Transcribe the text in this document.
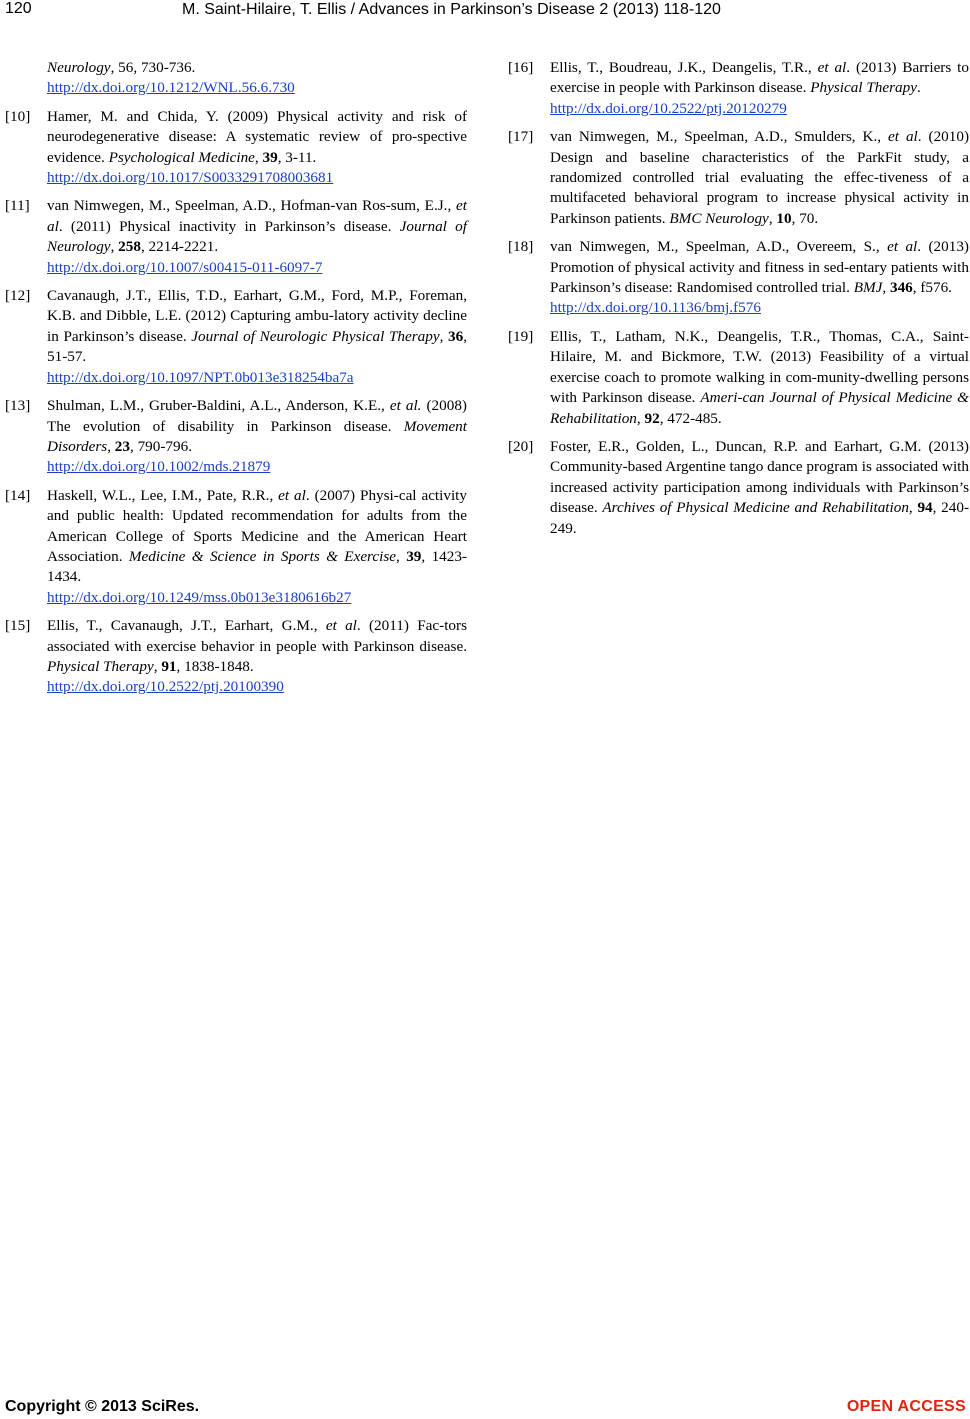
120	M. Saint-Hilaire, T. Ellis / Advances in Parkinson’s Disease 2 (2013) 118-120
Neurology, 56, 730-736.
http://dx.doi.org/10.1212/WNL.56.6.730
[10] Hamer, M. and Chida, Y. (2009) Physical activity and risk of neurodegenerative disease: A systematic review of pro-spective evidence. Psychological Medicine, 39, 3-11.
http://dx.doi.org/10.1017/S0033291708003681
[11] van Nimwegen, M., Speelman, A.D., Hofman-van Ros-sum, E.J., et al. (2011) Physical inactivity in Parkinson’s disease. Journal of Neurology, 258, 2214-2221.
http://dx.doi.org/10.1007/s00415-011-6097-7
[12] Cavanaugh, J.T., Ellis, T.D., Earhart, G.M., Ford, M.P., Foreman, K.B. and Dibble, L.E. (2012) Capturing ambu-latory activity decline in Parkinson’s disease. Journal of Neurologic Physical Therapy, 36, 51-57.
http://dx.doi.org/10.1097/NPT.0b013e318254ba7a
[13] Shulman, L.M., Gruber-Baldini, A.L., Anderson, K.E., et al. (2008) The evolution of disability in Parkinson disease. Movement Disorders, 23, 790-796.
http://dx.doi.org/10.1002/mds.21879
[14] Haskell, W.L., Lee, I.M., Pate, R.R., et al. (2007) Physi-cal activity and public health: Updated recommendation for adults from the American College of Sports Medicine and the American Heart Association. Medicine & Science in Sports & Exercise, 39, 1423-1434.
http://dx.doi.org/10.1249/mss.0b013e3180616b27
[15] Ellis, T., Cavanaugh, J.T., Earhart, G.M., et al. (2011) Fac-tors associated with exercise behavior in people with Parkinson disease. Physical Therapy, 91, 1838-1848.
http://dx.doi.org/10.2522/ptj.20100390
[16] Ellis, T., Boudreau, J.K., Deangelis, T.R., et al. (2013) Barriers to exercise in people with Parkinson disease. Physical Therapy.
http://dx.doi.org/10.2522/ptj.20120279
[17] van Nimwegen, M., Speelman, A.D., Smulders, K., et al. (2010) Design and baseline characteristics of the ParkFit study, a randomized controlled trial evaluating the effec-tiveness of a multifaceted behavioral program to increase physical activity in Parkinson patients. BMC Neurology, 10, 70.
[18] van Nimwegen, M., Speelman, A.D., Overeem, S., et al. (2013) Promotion of physical activity and fitness in sed-entary patients with Parkinson’s disease: Randomised controlled trial. BMJ, 346, f576.
http://dx.doi.org/10.1136/bmj.f576
[19] Ellis, T., Latham, N.K., Deangelis, T.R., Thomas, C.A., Saint-Hilaire, M. and Bickmore, T.W. (2013) Feasibility of a virtual exercise coach to promote walking in com-munity-dwelling persons with Parkinson disease. Ameri-can Journal of Physical Medicine & Rehabilitation, 92, 472-485.
[20] Foster, E.R., Golden, L., Duncan, R.P. and Earhart, G.M. (2013) Community-based Argentine tango dance program is associated with increased activity participation among individuals with Parkinson’s disease. Archives of Physical Medicine and Rehabilitation, 94, 240-249.
Copyright © 2013 SciRes.	OPEN ACCESS
